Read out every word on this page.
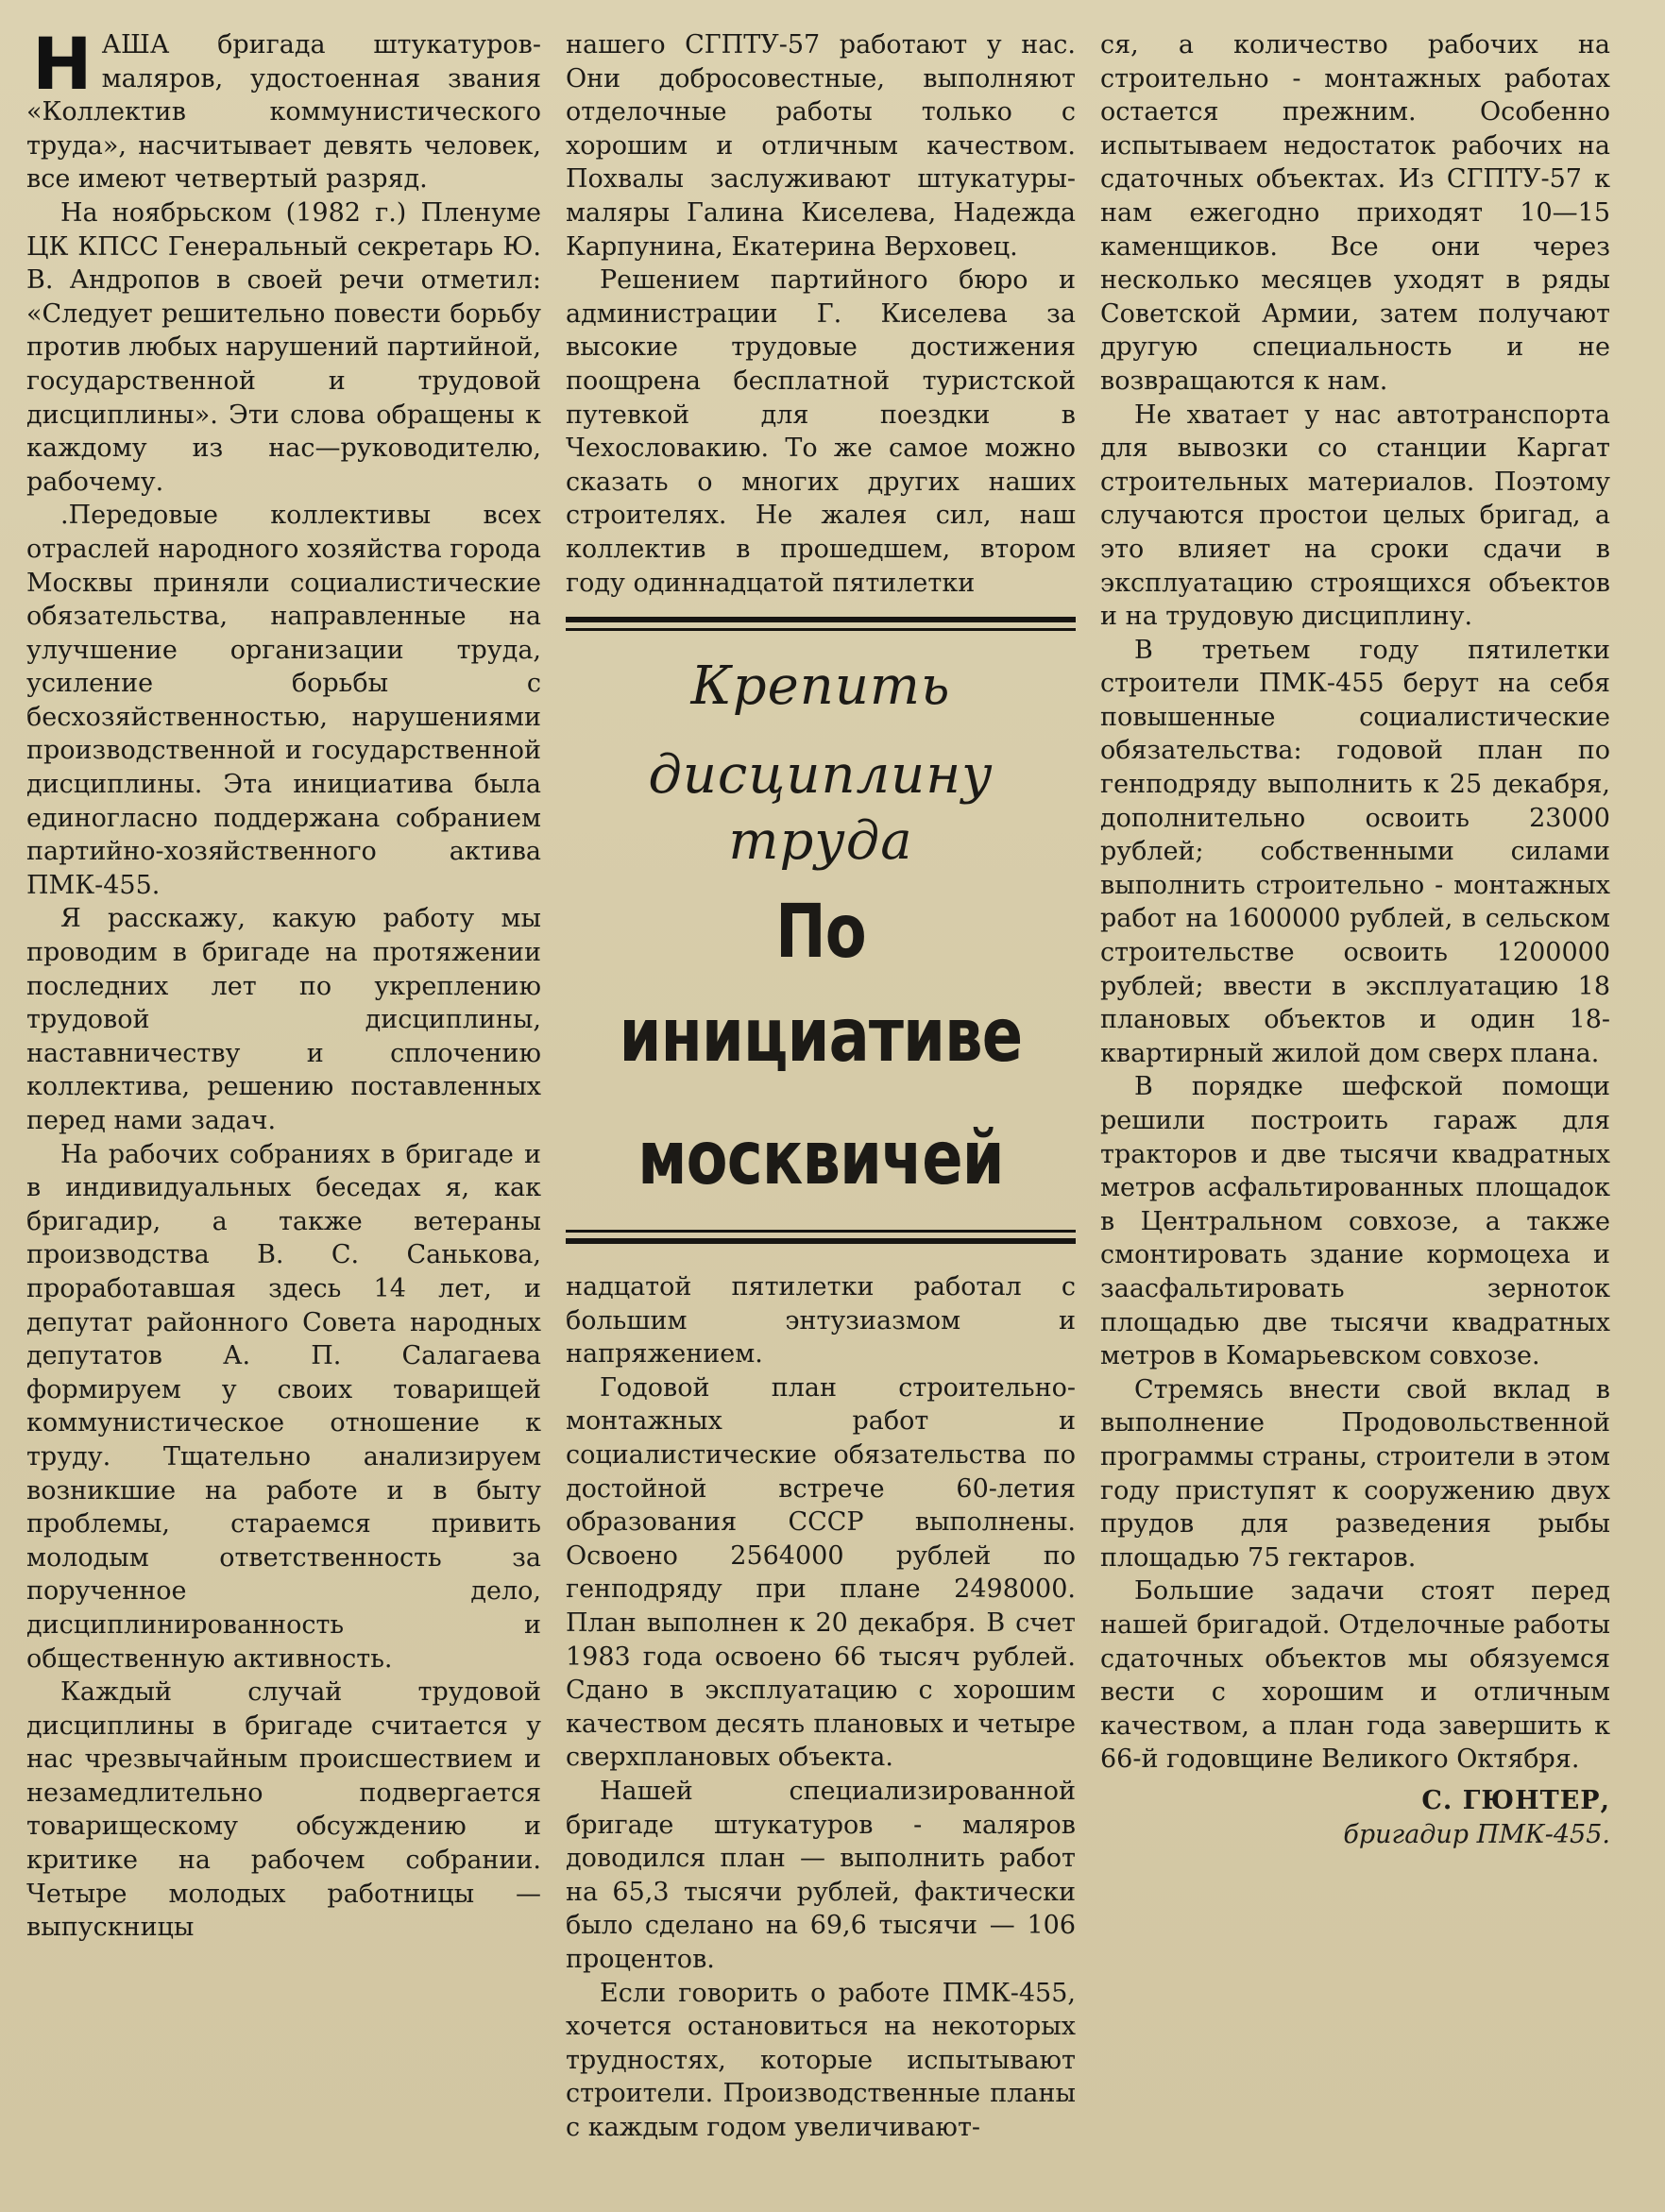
НАША бригада штукатуров-маляров, удостоенная звания «Коллектив коммунистического труда», насчитывает девять человек, все имеют четвертый разряд.

На ноябрьском (1982 г.) Пленуме ЦК КПСС Генеральный секретарь Ю. В. Андропов в своей речи отметил: «Следует решительно повести борьбу против любых нарушений партийной, государственной и трудовой дисциплины». Эти слова обращены к каждому из нас—руководителю, рабочему.

.Передовые коллективы всех отраслей народного хозяйства города Москвы приняли социалистические обязательства, направленные на улучшение организации труда, усиление борьбы с бесхозяйственностью, нарушениями производственной и государственной дисциплины. Эта инициатива была единогласно поддержана собранием партийно-хозяйственного актива ПМК-455.

Я расскажу, какую работу мы проводим в бригаде на протяжении последних лет по укреплению трудовой дисциплины, наставничеству и сплочению коллектива, решению поставленных перед нами задач.

На рабочих собраниях в бригаде и в индивидуальных беседах я, как бригадир, а также ветераны производства В. С. Санькова, проработавшая здесь 14 лет, и депутат районного Совета народных депутатов А. П. Салагаева формируем у своих товарищей коммунистическое отношение к труду. Тщательно анализируем возникшие на работе и в быту проблемы, стараемся привить молодым ответственность за порученное дело, дисциплинированность и общественную активность.

Каждый случай трудовой дисциплины в бригаде считается у нас чрезвычайным происшествием и незамедлительно подвергается товарищескому обсуждению и критике на рабочем собрании. Четыре молодых работницы — выпускницы

нашего СГПТУ-57 работают у нас. Они добросовестные, выполняют отделочные работы только с хорошим и отличным качеством. Похвалы заслуживают штукатуры-маляры Галина Киселева, Надежда Карпунина, Екатерина Верховец.

Решением партийного бюро и администрации Г. Киселева за высокие трудовые достижения поощрена бесплатной туристской путевкой для поездки в Чехословакию. То же самое можно сказать о многих других наших строителях. Не жалея сил, наш коллектив в прошедшем, втором году одиннадцатой пятилетки

Крепить
дисциплину труда
По инициативе
москвичей

надцатой пятилетки работал с большим энтузиазмом и напряжением.

Годовой план строительно-монтажных работ и социалистические обязательства по достойной встрече 60-летия образования СССР выполнены. Освоено 2564000 рублей по генподряду при плане 2498000. План выполнен к 20 декабря. В счет 1983 года освоено 66 тысяч рублей. Сдано в эксплуатацию с хорошим качеством десять плановых и четыре сверхплановых объекта.

Нашей специализированной бригаде штукатуров - маляров доводился план — выполнить работ на 65,3 тысячи рублей, фактически было сделано на 69,6 тысячи — 106 процентов.

Если говорить о работе ПМК-455, хочется остановиться на некоторых трудностях, которые испытывают строители. Производственные планы с каждым годом увеличивают-

ся, а количество рабочих на строительно - монтажных работах остается прежним. Особенно испытываем недостаток рабочих на сдаточных объектах. Из СГПТУ-57 к нам ежегодно приходят 10—15 каменщиков. Все они через несколько месяцев уходят в ряды Советской Армии, затем получают другую специальность и не возвращаются к нам.

Не хватает у нас автотранспорта для вывозки со станции Каргат строительных материалов. Поэтому случаются простои целых бригад, а это влияет на сроки сдачи в эксплуатацию строящихся объектов и на трудовую дисциплину.

В третьем году пятилетки строители ПМК-455 берут на себя повышенные социалистические обязательства: годовой план по генподряду выполнить к 25 декабря, дополнительно освоить 23000 рублей; собственными силами выполнить строительно - монтажных работ на 1600000 рублей, в сельском строительстве освоить 1200000 рублей; ввести в эксплуатацию 18 плановых объектов и один 18-квартирный жилой дом сверх плана.

В порядке шефской помощи решили построить гараж для тракторов и две тысячи квадратных метров асфальтированных площадок в Центральном совхозе, а также смонтировать здание кормоцеха и заасфальтировать зерноток площадью две тысячи квадратных метров в Комарьевском совхозе.

Стремясь внести свой вклад в выполнение Продовольственной программы страны, строители в этом году приступят к сооружению двух прудов для разведения рыбы площадью 75 гектаров.

Большие задачи стоят перед нашей бригадой. Отделочные работы сдаточных объектов мы обязуемся вести с хорошим и отличным качеством, а план года завершить к 66-й годовщине Великого Октября.

С. ГЮНТЕР,
бригадир ПМК-455.
